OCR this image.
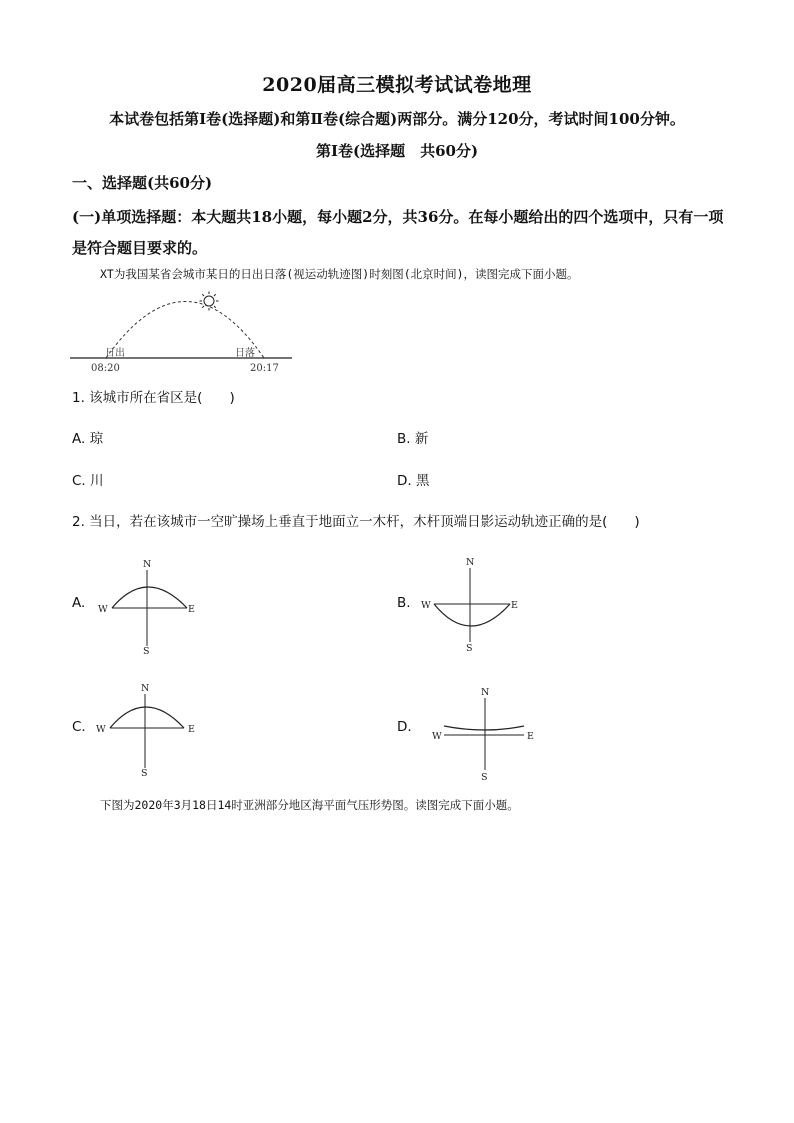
2020届高三模拟考试试卷地理
本试卷包括第Ⅰ卷(选择题)和第Ⅱ卷(综合题)两部分。满分120分，考试时间100分钟。
第Ⅰ卷(选择题　共60分)
一、选择题(共60分)
(一)单项选择题：本大题共18小题，每小题2分，共36分。在每小题给出的四个选项中，只有一项是符合题目要求的。
XT为我国某省会城市某日的日出日落(视运动轨迹图)时刻图(北京时间)，读图完成下面小题。
日出	日落
08:20	20:17
1. 该城市所在省区是(　　)
A. 琼	B. 新
C. 川	D. 黑
2. 当日，若在该城市一空旷操场上垂直于地面立一木杆，木杆顶端日影运动轨迹正确的是(　　)
A.
N
S
W	E	B.
N
S
W	E
C.
N
S
W	E	D.
N
S
W	E
下图为2020年3月18日14时亚洲部分地区海平面气压形势图。读图完成下面小题。
